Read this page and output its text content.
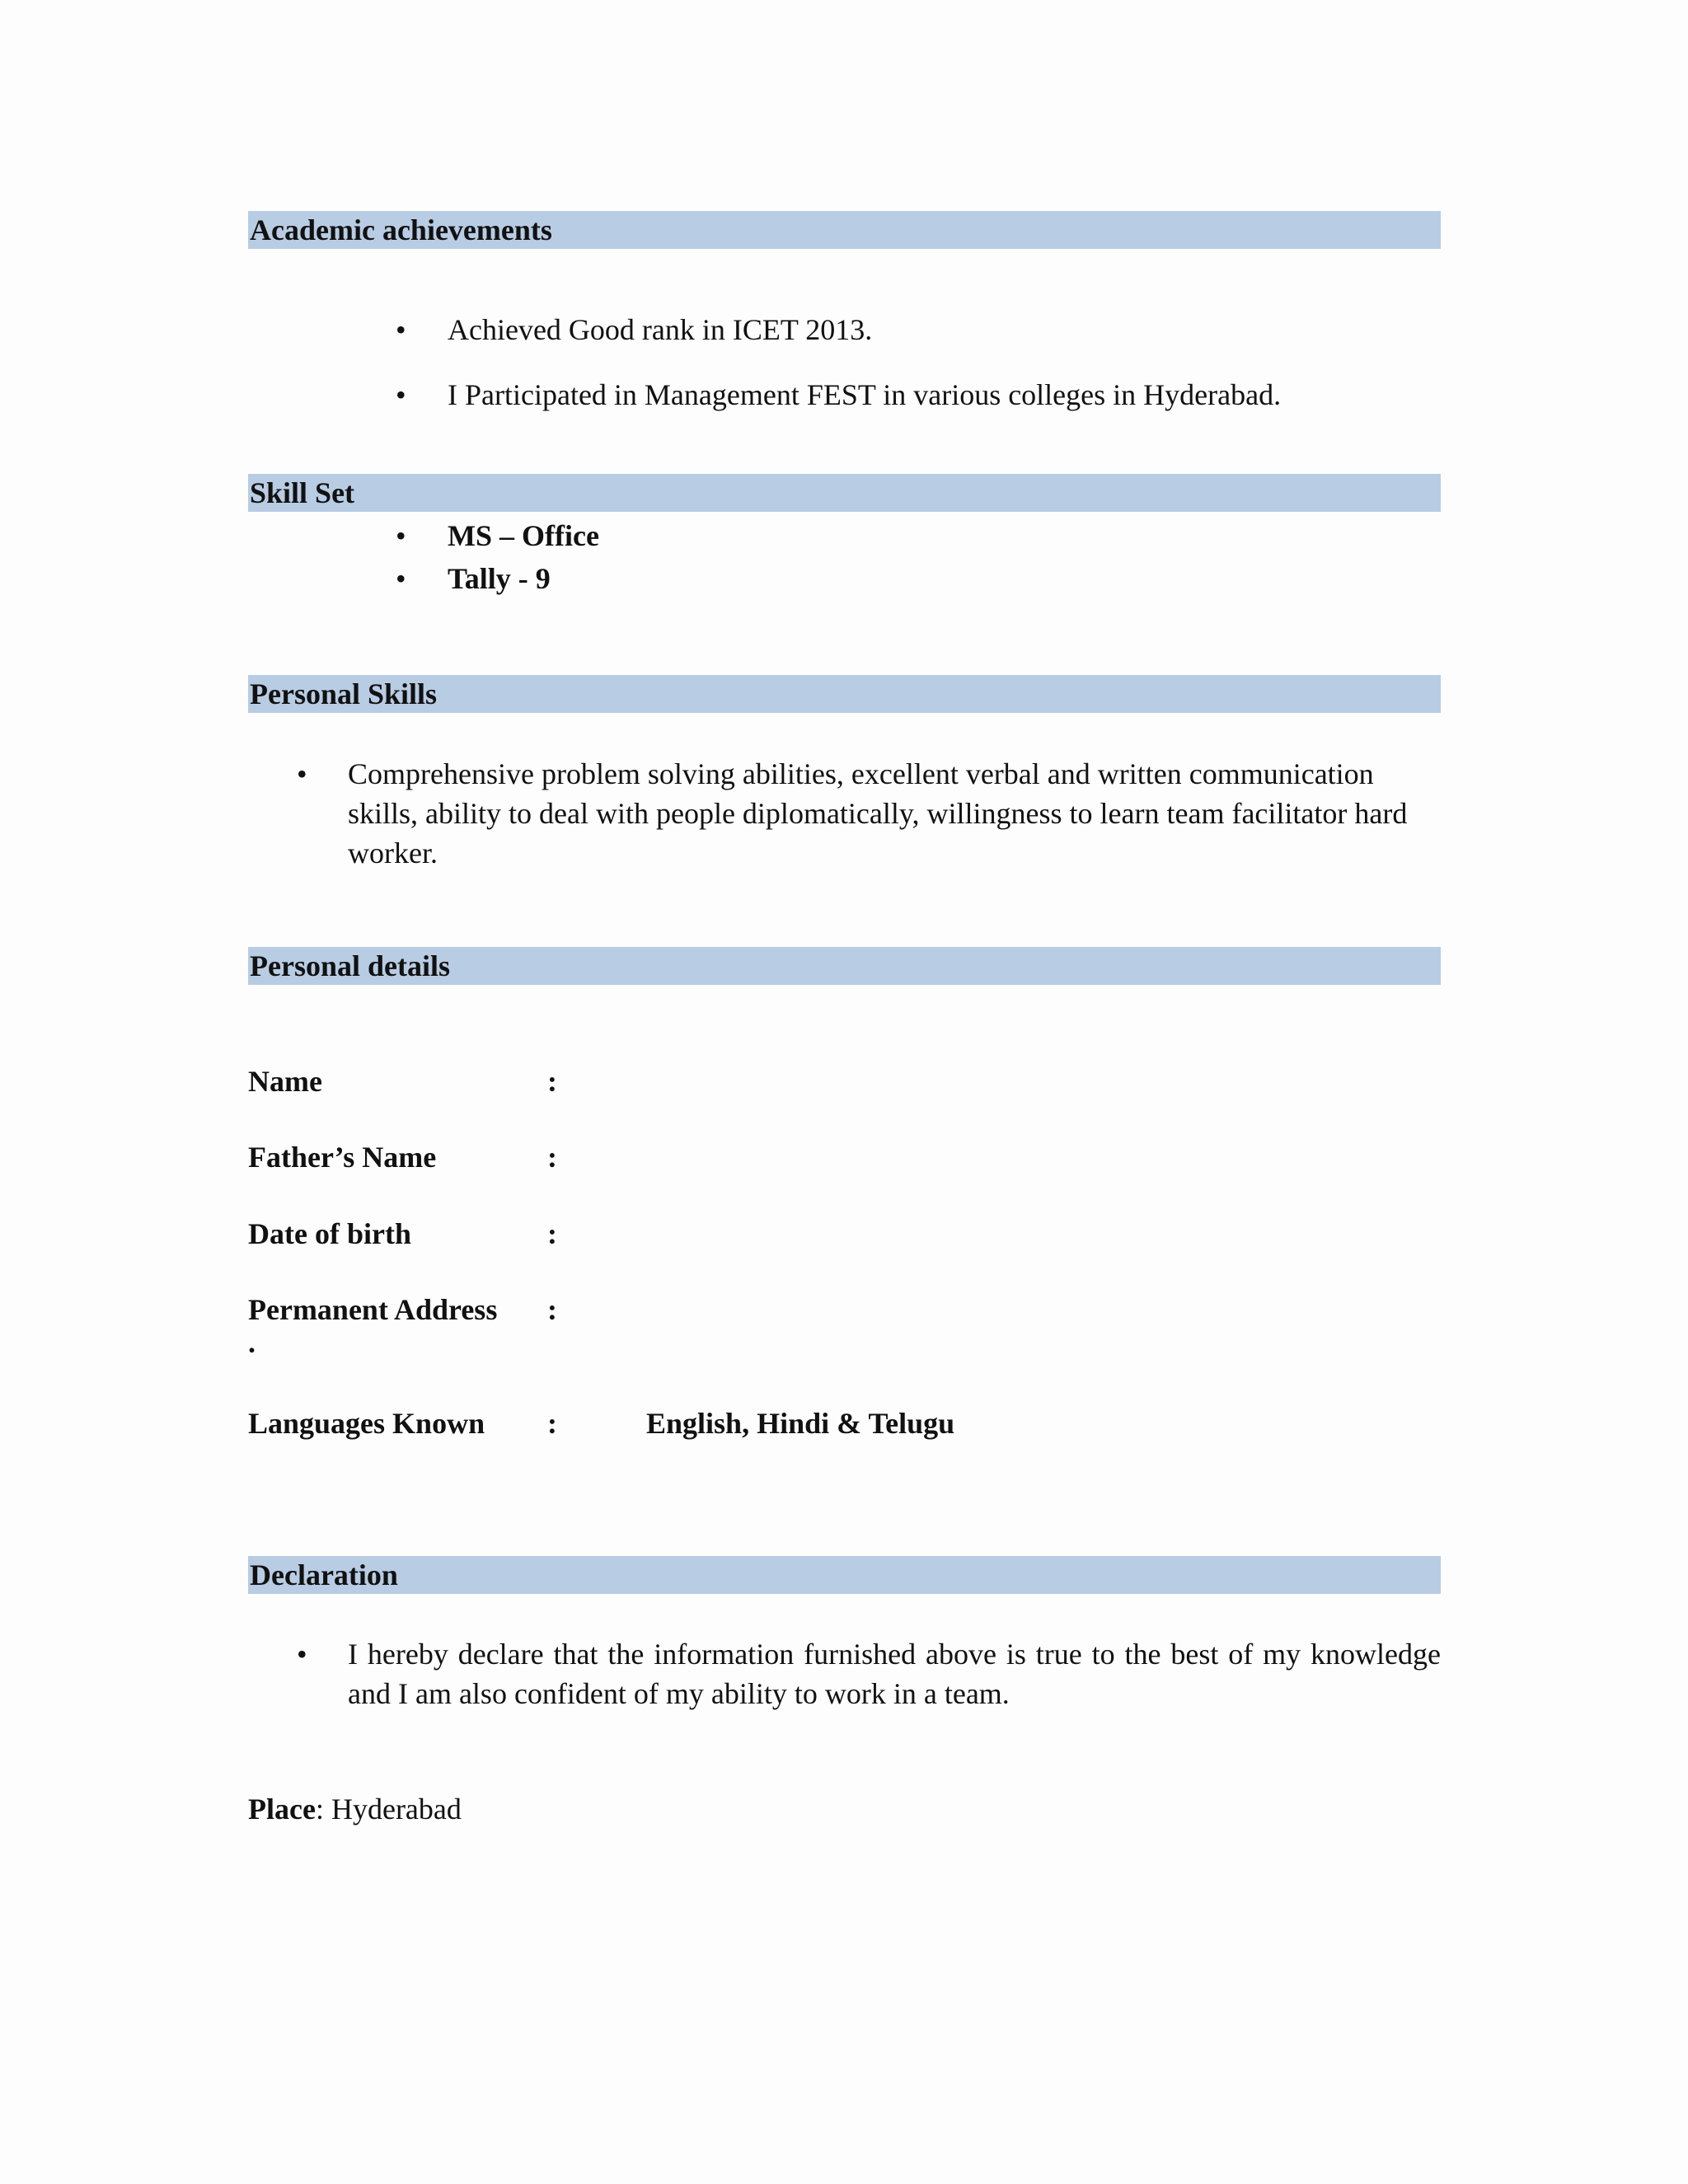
Academic achievements
• Achieved Good rank in ICET 2013.
• I Participated in Management FEST in various colleges in Hyderabad.
Skill Set
• MS – Office
• Tally - 9
Personal Skills
• Comprehensive problem solving abilities, excellent verbal and written communication skills, ability to deal with people diplomatically, willingness to learn team facilitator hard worker.
Personal details
Name	:
Father’s Name	:
Date of birth	:
Permanent Address :
.
Languages Known :	English, Hindi & Telugu
Declaration
• I hereby declare that the information furnished above is true to the best of my knowledge and I am also confident of my ability to work in a team.
Place: Hyderabad
